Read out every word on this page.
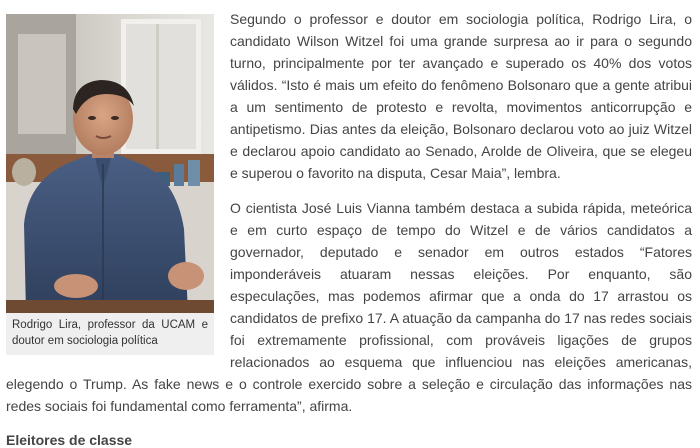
Rodrigo Lira, professor da UCAM e doutor em sociologia política

Segundo o professor e doutor em sociologia política, Rodrigo Lira, o candidato Wilson Witzel foi uma grande surpresa ao ir para o segundo turno, principalmente por ter avançado e superado os 40% dos votos válidos. “Isto é mais um efeito do fenômeno Bolsonaro que a gente atribui a um sentimento de protesto e revolta, movimentos anticorrupção e antipetismo. Dias antes da eleição, Bolsonaro declarou voto ao juiz Witzel e declarou apoio candidato ao Senado, Arolde de Oliveira, que se elegeu e superou o favorito na disputa, Cesar Maia”, lembra.

O cientista José Luis Vianna também destaca a subida rápida, meteórica e em curto espaço de tempo do Witzel e de vários candidatos a governador, deputado e senador em outros estados “Fatores imponderáveis atuaram nessas eleições. Por enquanto, são especulações, mas podemos afirmar que a onda do 17 arrastou os candidatos de prefixo 17. A atuação da campanha do 17 nas redes sociais foi extremamente profissional, com prováveis ligações de grupos relacionados ao esquema que influenciou nas eleições americanas, elegendo o Trump. As fake news e o controle exercido sobre a seleção e circulação das informações nas redes sociais foi fundamental como ferramenta”, afirma.

Eleitores de classe
